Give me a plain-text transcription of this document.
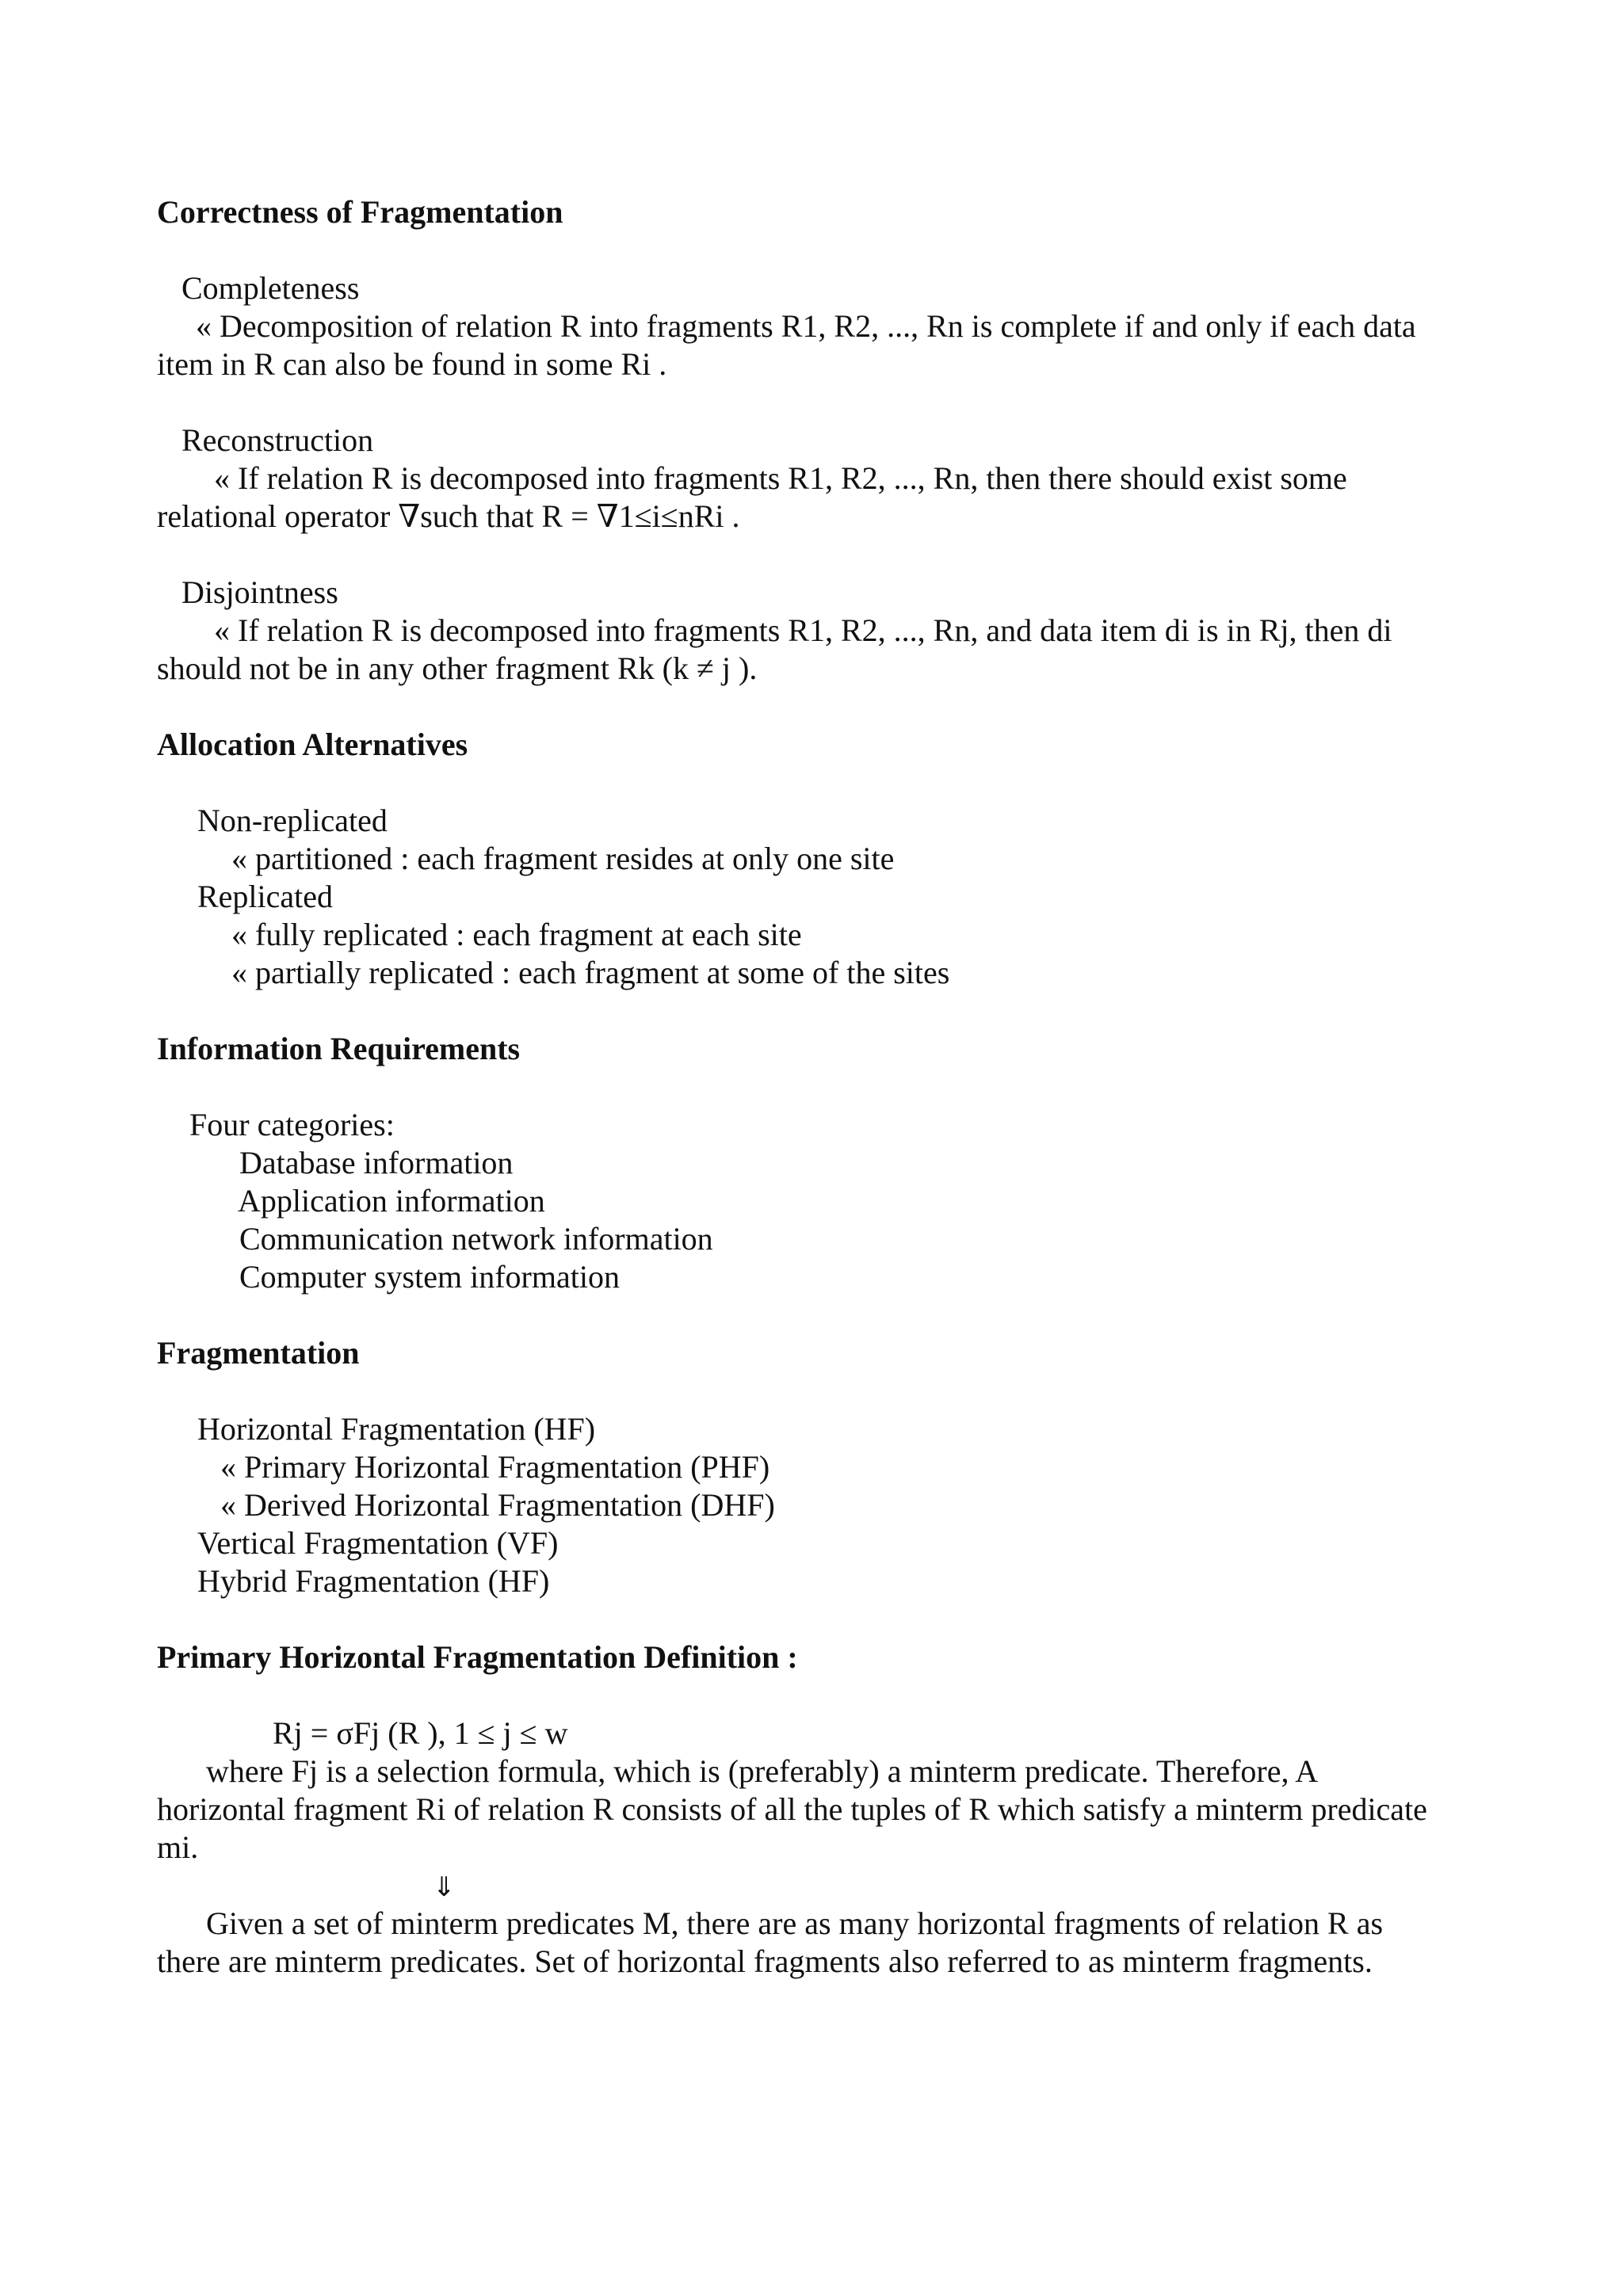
Correctness of Fragmentation
Completeness
« Decomposition of relation R into fragments R1, R2, ..., Rn is complete if and only if each data
item in R can also be found in some Ri .
Reconstruction
« If relation R is decomposed into fragments R1, R2, ..., Rn, then there should exist some
relational operator ∇such that R = ∇1≤i≤nRi .
Disjointness
« If relation R is decomposed into fragments R1, R2, ..., Rn, and data item di is in Rj, then di
should not be in any other fragment Rk (k ≠ j ).
Allocation Alternatives
Non-replicated
« partitioned : each fragment resides at only one site
Replicated
« fully replicated : each fragment at each site
« partially replicated : each fragment at some of the sites
Information Requirements
Four categories:
Database information
Application information
Communication network information
Computer system information
Fragmentation
Horizontal Fragmentation (HF)
« Primary Horizontal Fragmentation (PHF)
« Derived Horizontal Fragmentation (DHF)
Vertical Fragmentation (VF)
Hybrid Fragmentation (HF)
Primary Horizontal Fragmentation Definition :
Rj = σFj (R ), 1 ≤ j ≤ w
where Fj is a selection formula, which is (preferably) a minterm predicate. Therefore, A
horizontal fragment Ri of relation R consists of all the tuples of R which satisfy a minterm predicate
mi.
⇓
Given a set of minterm predicates M, there are as many horizontal fragments of relation R as
there are minterm predicates. Set of horizontal fragments also referred to as minterm fragments.
